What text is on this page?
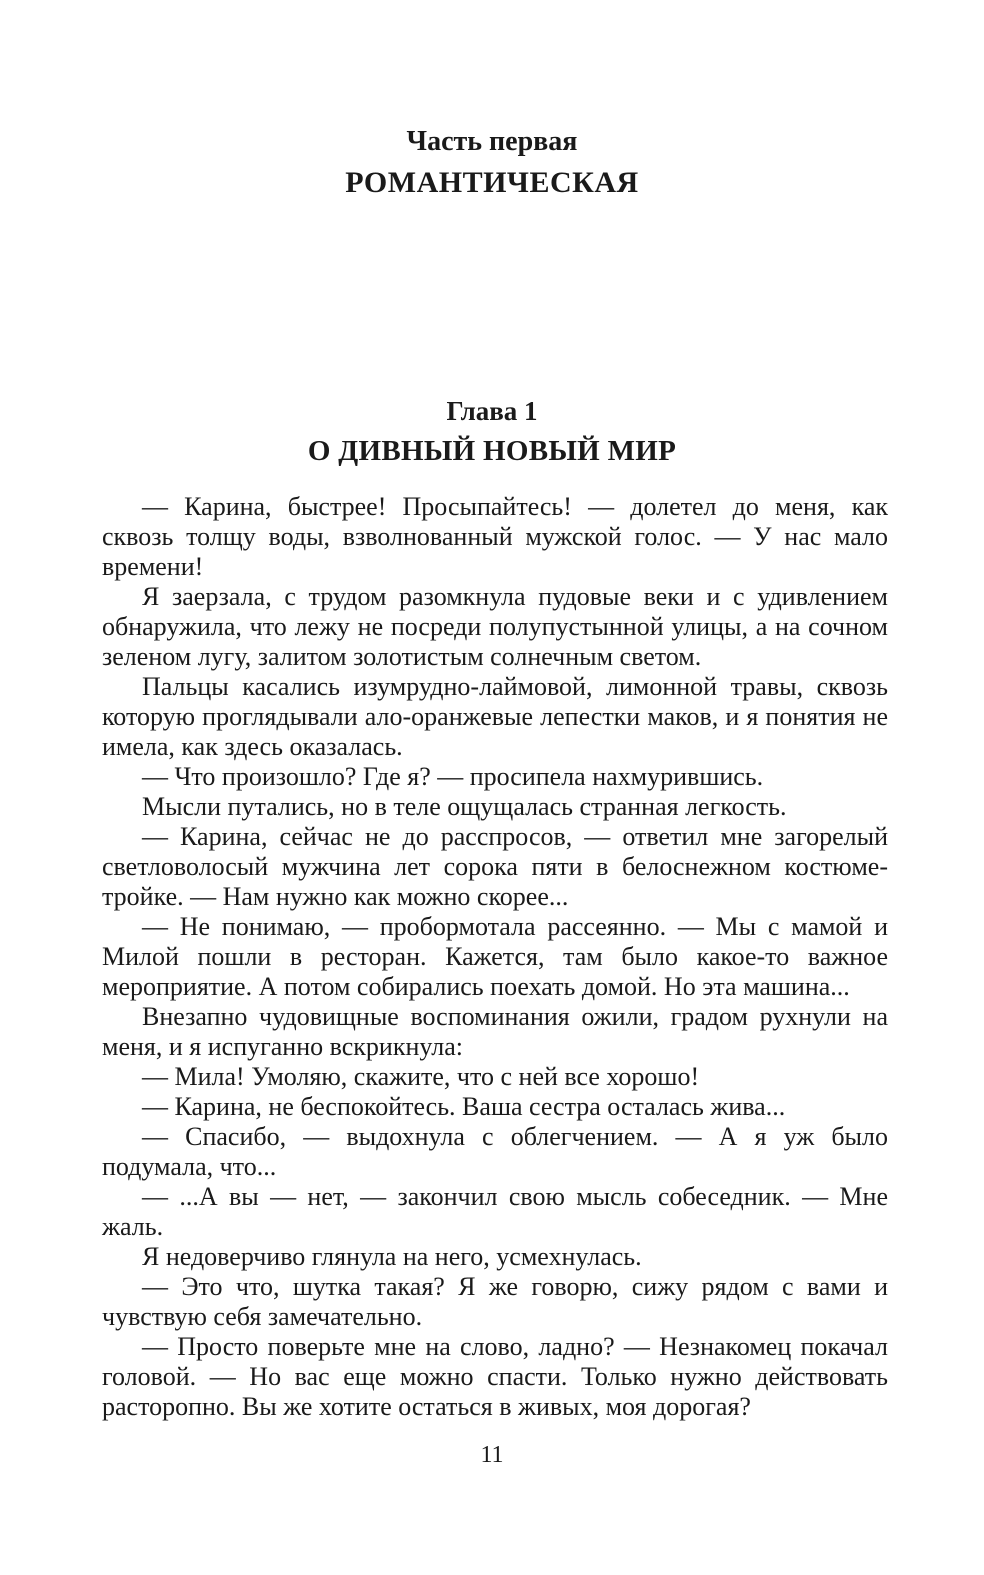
Часть первая
РОМАНТИЧЕСКАЯ
Глава 1
О ДИВНЫЙ НОВЫЙ МИР

— Карина, быстрее! Просыпайтесь! — долетел до меня, как сквозь толщу воды, взволнованный мужской голос. — У нас мало времени!

Я заерзала, с трудом разомкнула пудовые веки и с удивлением обнаружила, что лежу не посреди полупустынной улицы, а на сочном зеленом лугу, залитом золотистым солнечным светом.

Пальцы касались изумрудно-лаймовой, лимонной травы, сквозь которую проглядывали ало-оранжевые лепестки маков, и я понятия не имела, как здесь оказалась.

— Что произошло? Где я? — просипела нахмурившись.

Мысли путались, но в теле ощущалась странная легкость.

— Карина, сейчас не до расспросов, — ответил мне загорелый светловолосый мужчина лет сорока пяти в белоснежном костюме-тройке. — Нам нужно как можно скорее...

— Не понимаю, — пробормотала рассеянно. — Мы с мамой и Милой пошли в ресторан. Кажется, там было какое-то важное мероприятие. А потом собирались поехать домой. Но эта машина...

Внезапно чудовищные воспоминания ожили, градом рухнули на меня, и я испуганно вскрикнула:

— Мила! Умоляю, скажите, что с ней все хорошо!

— Карина, не беспокойтесь. Ваша сестра осталась жива...

— Спасибо, — выдохнула с облегчением. — А я уж было подумала, что...

— ...А вы — нет, — закончил свою мысль собеседник. — Мне жаль.

Я недоверчиво глянула на него, усмехнулась.

— Это что, шутка такая? Я же говорю, сижу рядом с вами и чувствую себя замечательно.

— Просто поверьте мне на слово, ладно? — Незнакомец покачал головой. — Но вас еще можно спасти. Только нужно действовать расторопно. Вы же хотите остаться в живых, моя дорогая?

11
